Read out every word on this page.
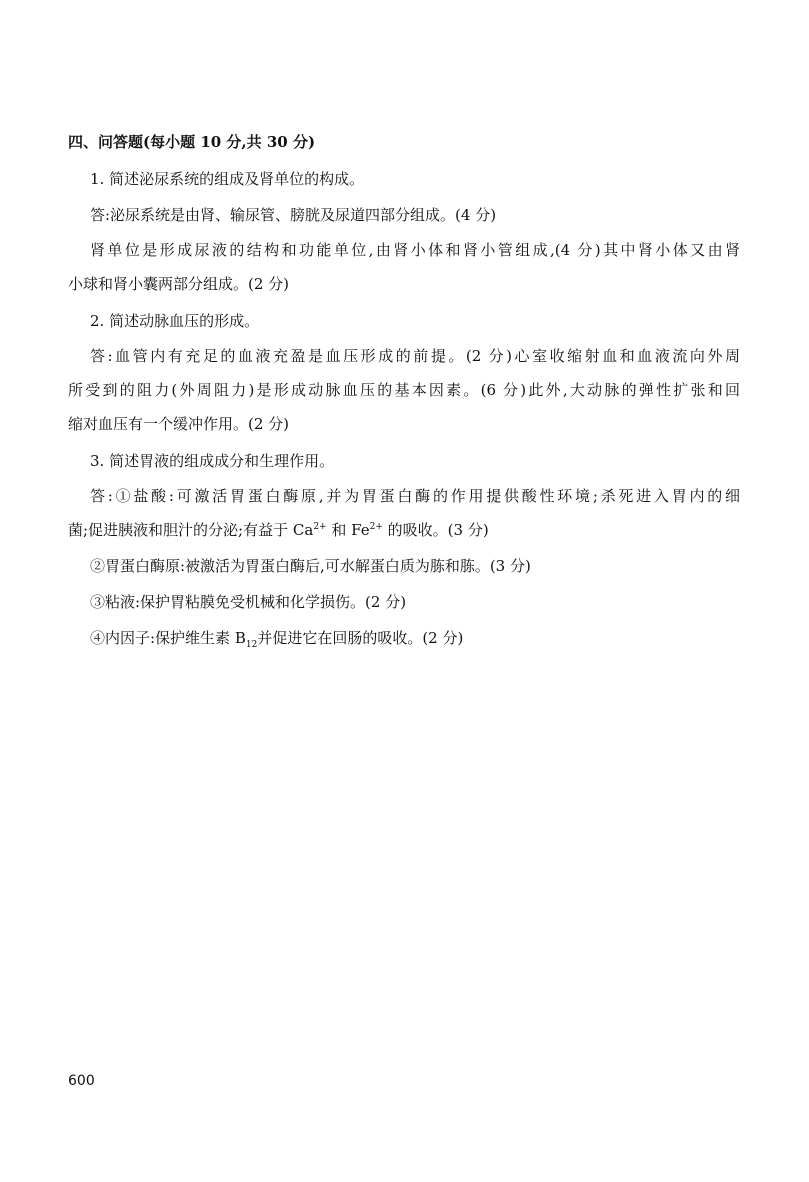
四、问答题(每小题 10 分,共 30 分)
1. 简述泌尿系统的组成及肾单位的构成。
答:泌尿系统是由肾、输尿管、膀胱及尿道四部分组成。(4 分)
肾单位是形成尿液的结构和功能单位,由肾小体和肾小管组成,(4 分)其中肾小体又由肾
小球和肾小囊两部分组成。(2 分)
2. 简述动脉血压的形成。
答:血管内有充足的血液充盈是血压形成的前提。(2 分)心室收缩射血和血液流向外周
所受到的阻力(外周阻力)是形成动脉血压的基本因素。(6 分)此外,大动脉的弹性扩张和回
缩对血压有一个缓冲作用。(2 分)
3. 简述胃液的组成成分和生理作用。
答:①盐酸:可激活胃蛋白酶原,并为胃蛋白酶的作用提供酸性环境;杀死进入胃内的细
菌;促进胰液和胆汁的分泌;有益于 $Ca^{2+}$ 和 $Fe^{2+}$ 的吸收。(3 分)
②胃蛋白酶原:被激活为胃蛋白酶后,可水解蛋白质为胨和胨。(3 分)
③粘液:保护胃粘膜免受机械和化学损伤。(2 分)
④内因子:保护维生素 $B_{12}$并促进它在回肠的吸收。(2 分)
600
